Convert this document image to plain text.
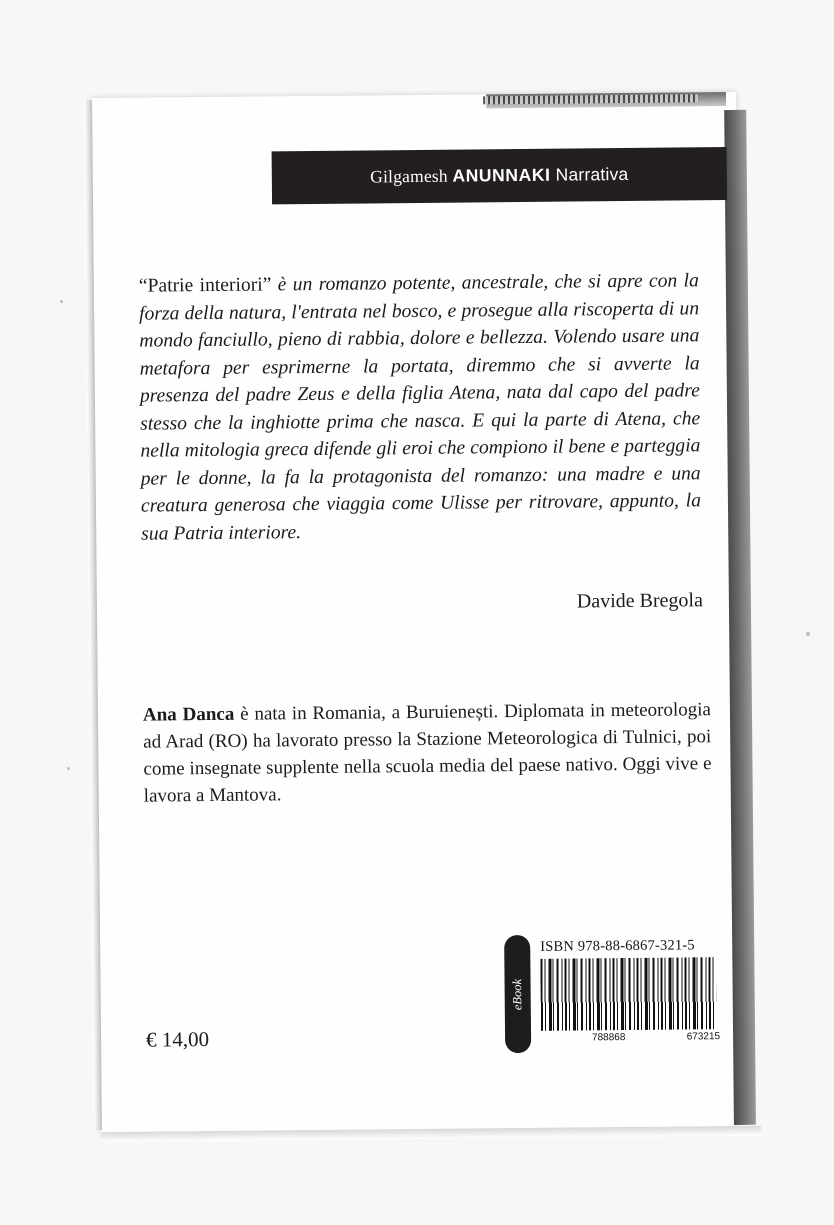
Gilgamesh ANUNNAKI Narrativa
“Patrie interiori” è un romanzo potente, ancestrale, che si apre con la forza della natura, l'entrata nel bosco, e prosegue alla riscoperta di un mondo fanciullo, pieno di rabbia, dolore e bellezza. Volendo usare una metafora per esprimerne la portata, diremmo che si avverte la presenza del padre Zeus e della figlia Atena, nata dal capo del padre stesso che la inghiotte prima che nasca. E qui la parte di Atena, che nella mitologia greca difende gli eroi che compiono il bene e parteggia per le donne, la fa la protagonista del romanzo: una madre e una creatura generosa che viaggia come Ulisse per ritrovare, appunto, la sua Patria interiore.
Davide Bregola
Ana Danca è nata in Romania, a Buruienești. Diplomata in meteorologia ad Arad (RO) ha lavorato presso la Stazione Meteorologica di Tulnici, poi come insegnate supplente nella scuola media del paese nativo. Oggi vive e lavora a Mantova.
€ 14,00	anche in
eBook
ISBN 978-88-6867-321-5
788868	673215
